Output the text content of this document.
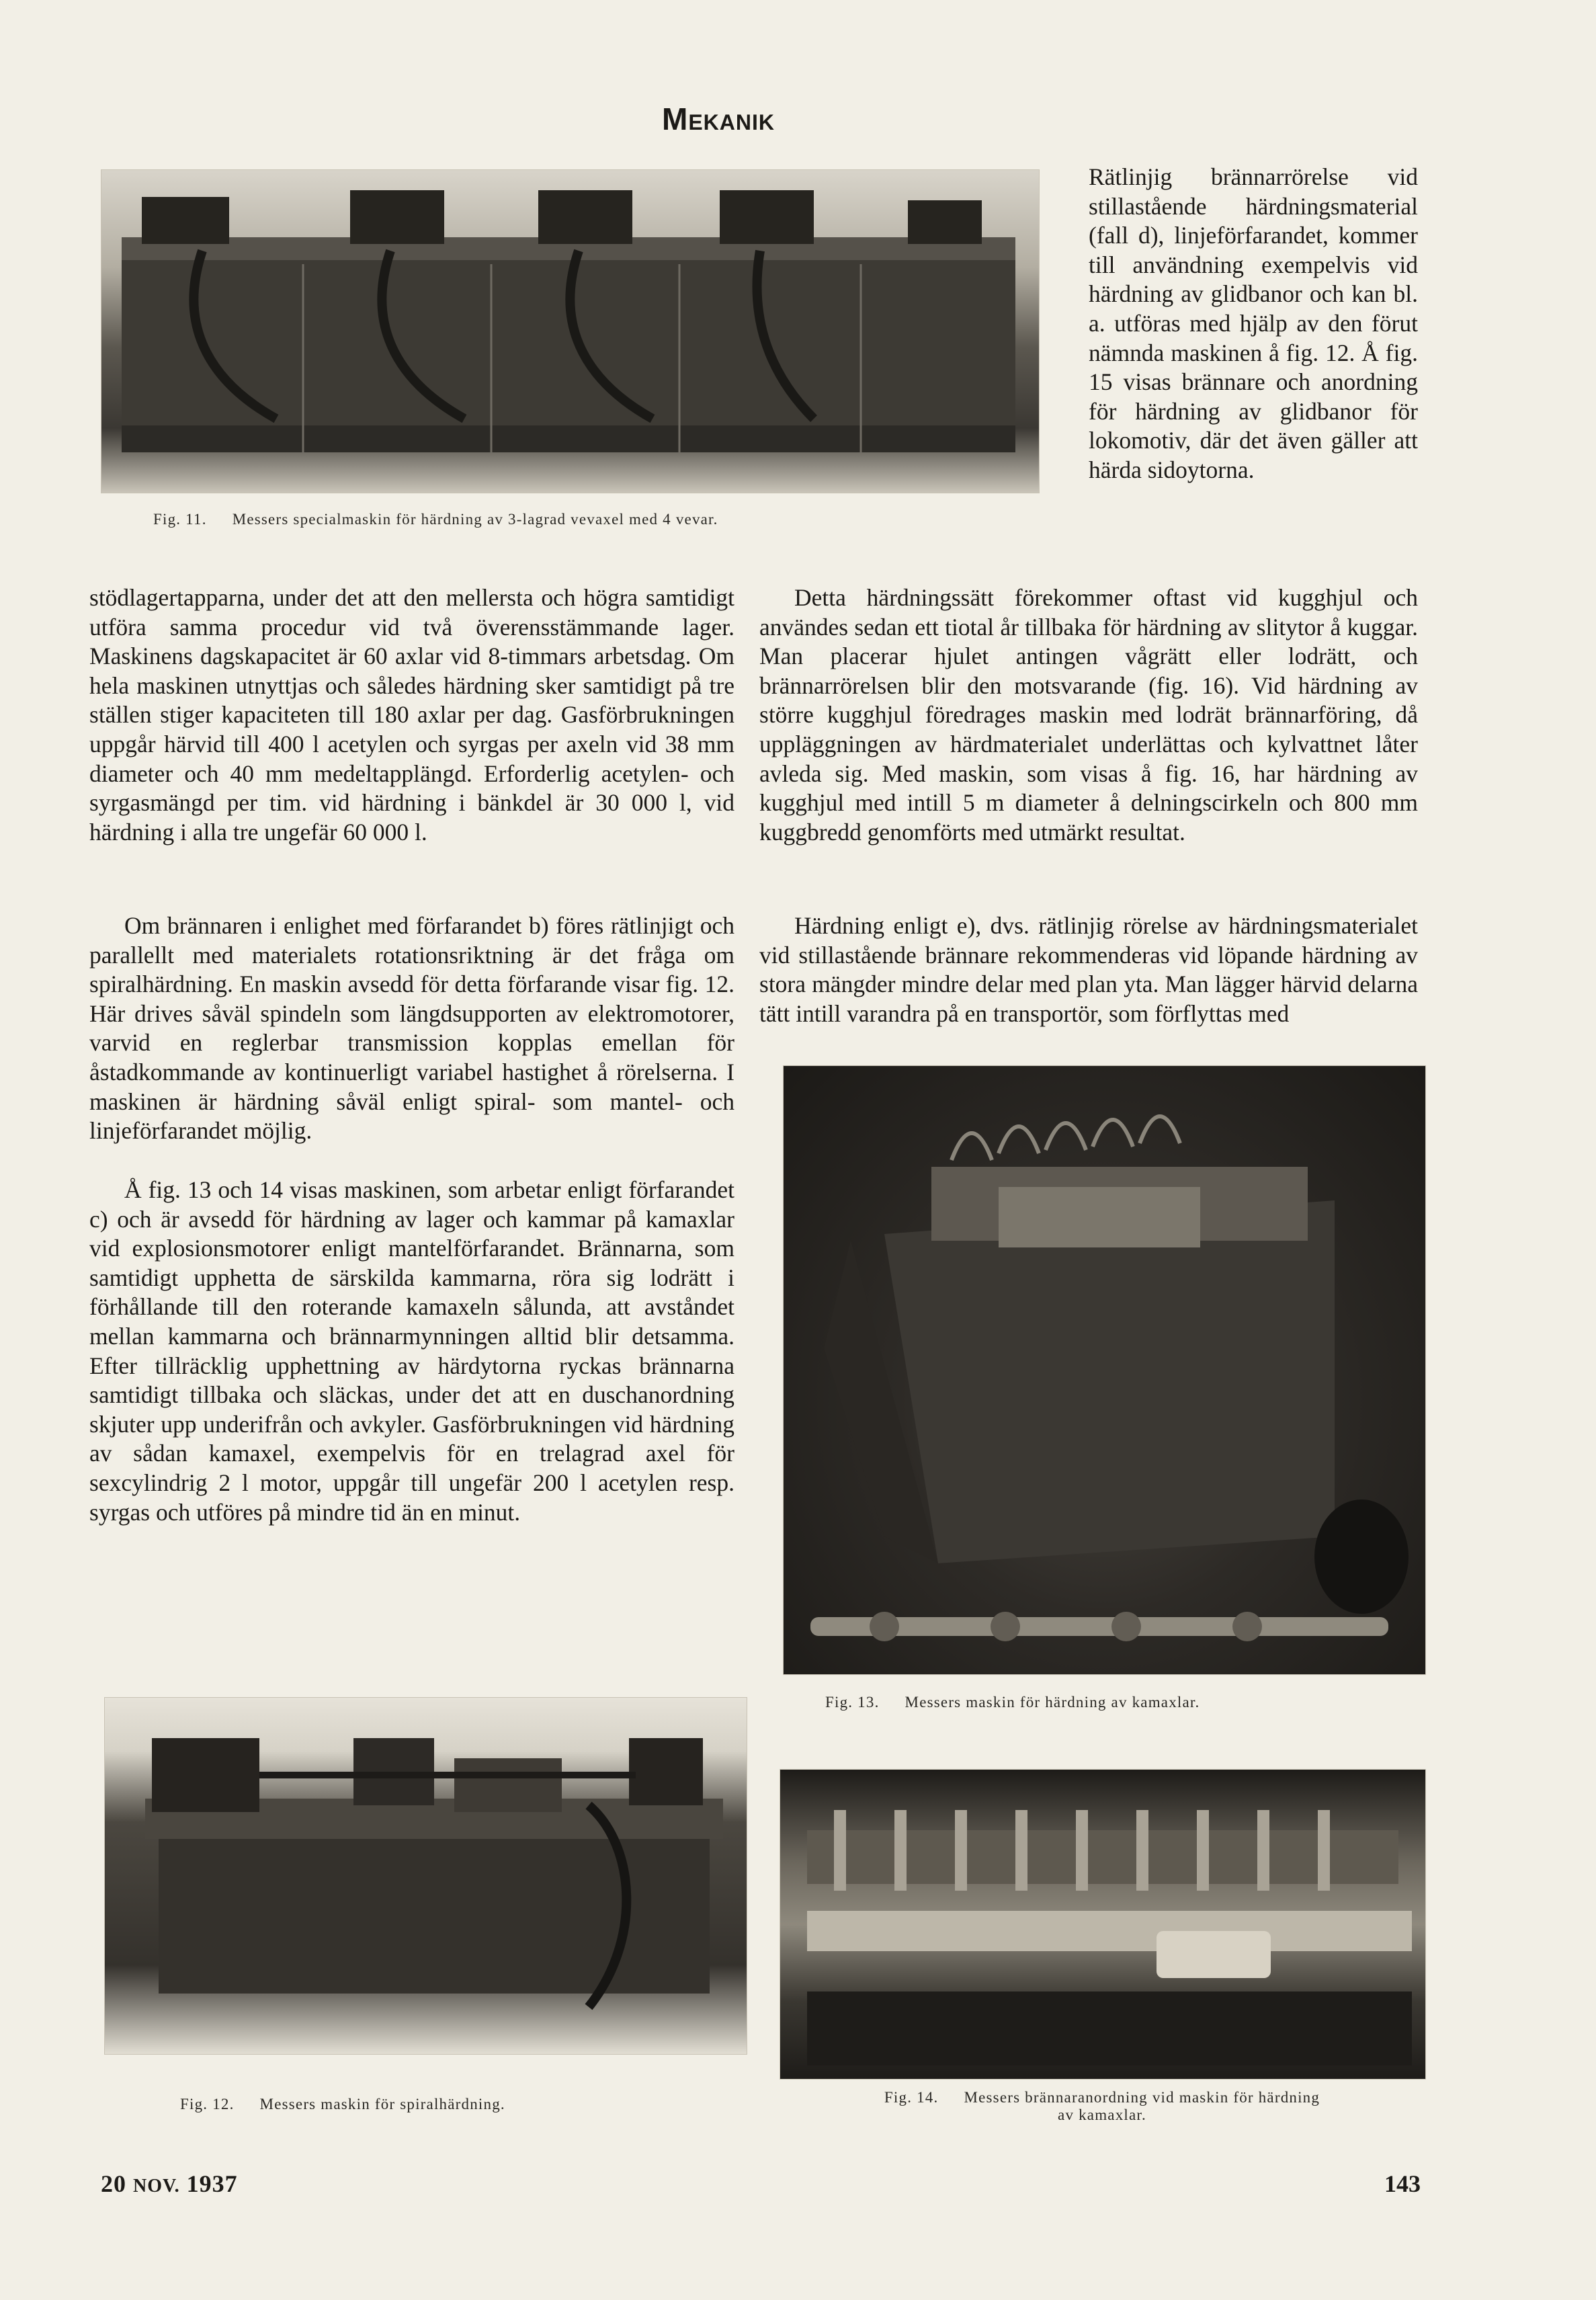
Mekanik
Fig. 11. Messers specialmaskin för härdning av 3-lagrad vevaxel med 4 vevar.

Rätlinjig brännarrörelse vid stillastående härdningsmaterial (fall d), linjeförfarandet, kommer till användning exempelvis vid härdning av glidbanor och kan bl. a. utföras med hjälp av den förut nämnda maskinen å fig. 12. Å fig. 15 visas brännare och anordning för härdning av glidbanor för lokomotiv, där det även gäller att härda sidoytorna.

Detta härdningssätt förekommer oftast vid kugghjul och användes sedan ett tiotal år tillbaka för härdning av slitytor å kuggar. Man placerar hjulet antingen vågrätt eller lodrätt, och brännarrörelsen blir den motsvarande (fig. 16). Vid härdning av större kugghjul föredrages maskin med lodrät brännarföring, då uppläggningen av härdmaterialet underlättas och kylvattnet låter avleda sig. Med maskin, som visas å fig. 16, har härdning av kugghjul med intill 5 m diameter å delningscirkeln och 800 mm kuggbredd genomförts med utmärkt resultat.

Härdning enligt e), dvs. rätlinjig rörelse av härdningsmaterialet vid stillastående brännare rekommenderas vid löpande härdning av stora mängder mindre delar med plan yta. Man lägger härvid delarna tätt intill varandra på en transportör, som förflyttas med

stödlagertapparna, under det att den mellersta och högra samtidigt utföra samma procedur vid två överensstämmande lager. Maskinens dagskapacitet är 60 axlar vid 8-timmars arbetsdag. Om hela maskinen utnyttjas och således härdning sker samtidigt på tre ställen stiger kapaciteten till 180 axlar per dag. Gasförbrukningen uppgår härvid till 400 l acetylen och syrgas per axeln vid 38 mm diameter och 40 mm medeltapplängd. Erforderlig acetylen- och syrgasmängd per tim. vid härdning i bänkdel är 30 000 l, vid härdning i alla tre ungefär 60 000 l.

Om brännaren i enlighet med förfarandet b) föres rätlinjigt och parallellt med materialets rotationsriktning är det fråga om spiralhärdning. En maskin avsedd för detta förfarande visar fig. 12. Här drives såväl spindeln som längdsupporten av elektromotorer, varvid en reglerbar transmission kopplas emellan för åstadkommande av kontinuerligt variabel hastighet å rörelserna. I maskinen är härdning såväl enligt spiral- som mantel- och linjeförfarandet möjlig.

Å fig. 13 och 14 visas maskinen, som arbetar enligt förfarandet c) och är avsedd för härdning av lager och kammar på kamaxlar vid explosionsmotorer enligt mantelförfarandet. Brännarna, som samtidigt upphetta de särskilda kammarna, röra sig lodrätt i förhållande till den roterande kamaxeln sålunda, att avståndet mellan kammarna och brännarmynningen alltid blir detsamma. Efter tillräcklig upphettning av härdytorna ryckas brännarna samtidigt tillbaka och släckas, under det att en duschanordning skjuter upp underifrån och avkyler. Gasförbrukningen vid härdning av sådan kamaxel, exempelvis för en trelagrad axel för sexcylindrig 2 l motor, uppgår till ungefär 200 l acetylen resp. syrgas och utföres på mindre tid än en minut.

Fig. 13. Messers maskin för härdning av kamaxlar.
Fig. 12. Messers maskin för spiralhärdning.	Fig. 14. Messers brännaranordning vid maskin för härdning
av kamaxlar.
20 NOV. 1937	143
